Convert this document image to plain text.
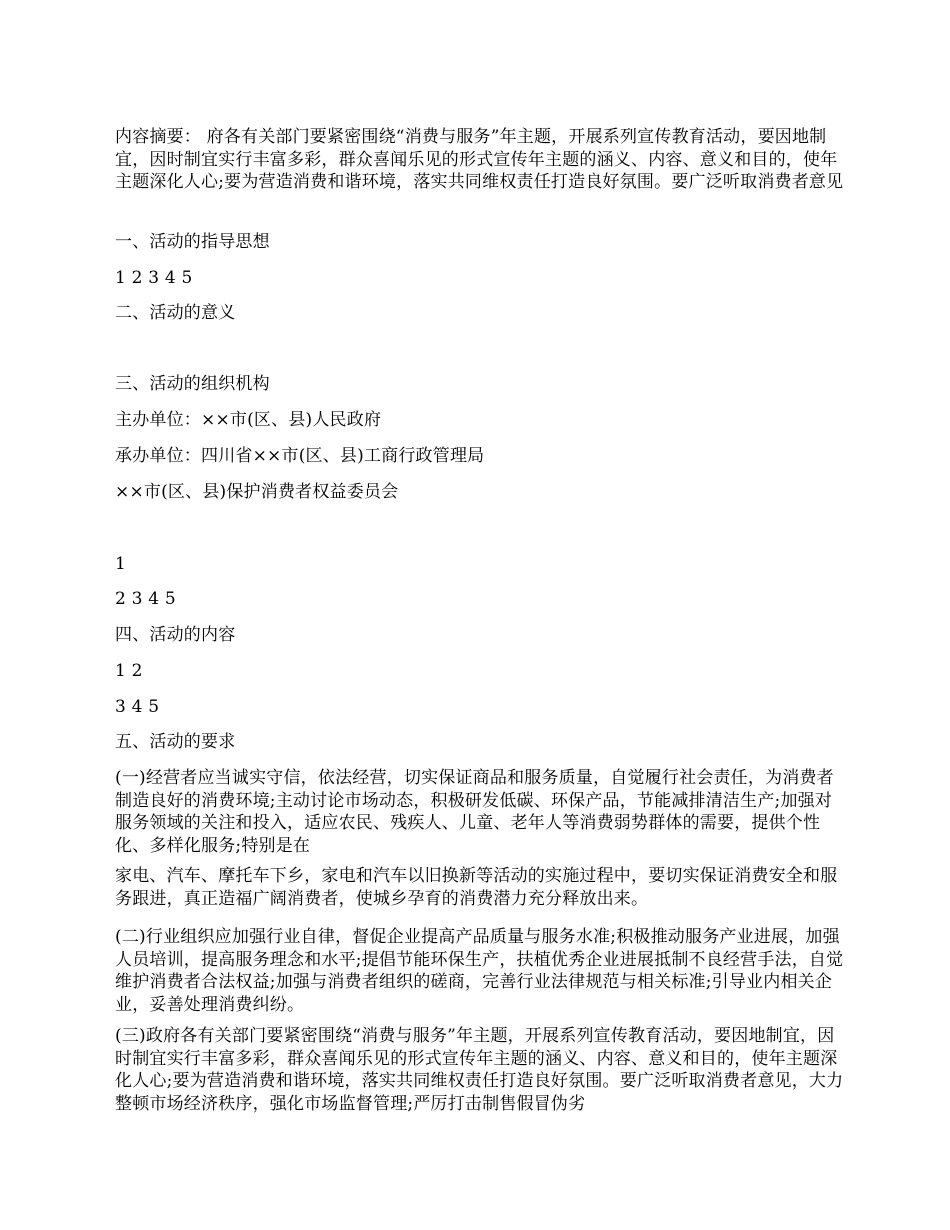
内容摘要： 府各有关部门要紧密围绕“消费与服务”年主题，开展系列宣传教育活动，要因地制宜，因时制宜实行丰富多彩，群众喜闻乐见的形式宣传年主题的涵义、内容、意义和目的，使年主题深化人心;要为营造消费和谐环境，落实共同维权责任打造良好氛围。要广泛听取消费者意见

一、活动的指导思想

1 2 3 4 5

二、活动的意义

三、活动的组织机构

主办单位：××市(区、县)人民政府

承办单位：四川省××市(区、县)工商行政管理局

××市(区、县)保护消费者权益委员会

1

2 3 4 5

四、活动的内容

1 2

3 4 5

五、活动的要求

(一)经营者应当诚实守信，依法经营，切实保证商品和服务质量，自觉履行社会责任，为消费者制造良好的消费环境;主动讨论市场动态，积极研发低碳、环保产品，节能减排清洁生产;加强对服务领域的关注和投入，适应农民、残疾人、儿童、老年人等消费弱势群体的需要，提供个性化、多样化服务;特别是在

家电、汽车、摩托车下乡，家电和汽车以旧换新等活动的实施过程中，要切实保证消费安全和服务跟进，真正造福广阔消费者，使城乡孕育的消费潜力充分释放出来。

(二)行业组织应加强行业自律，督促企业提高产品质量与服务水准;积极推动服务产业进展，加强人员培训，提高服务理念和水平;提倡节能环保生产，扶植优秀企业进展抵制不良经营手法，自觉维护消费者合法权益;加强与消费者组织的磋商，完善行业法律规范与相关标准;引导业内相关企业，妥善处理消费纠纷。

(三)政府各有关部门要紧密围绕“消费与服务”年主题，开展系列宣传教育活动，要因地制宜，因时制宜实行丰富多彩，群众喜闻乐见的形式宣传年主题的涵义、内容、意义和目的，使年主题深化人心;要为营造消费和谐环境，落实共同维权责任打造良好氛围。要广泛听取消费者意见，大力整顿市场经济秩序，强化市场监督管理;严厉打击制售假冒伪劣
